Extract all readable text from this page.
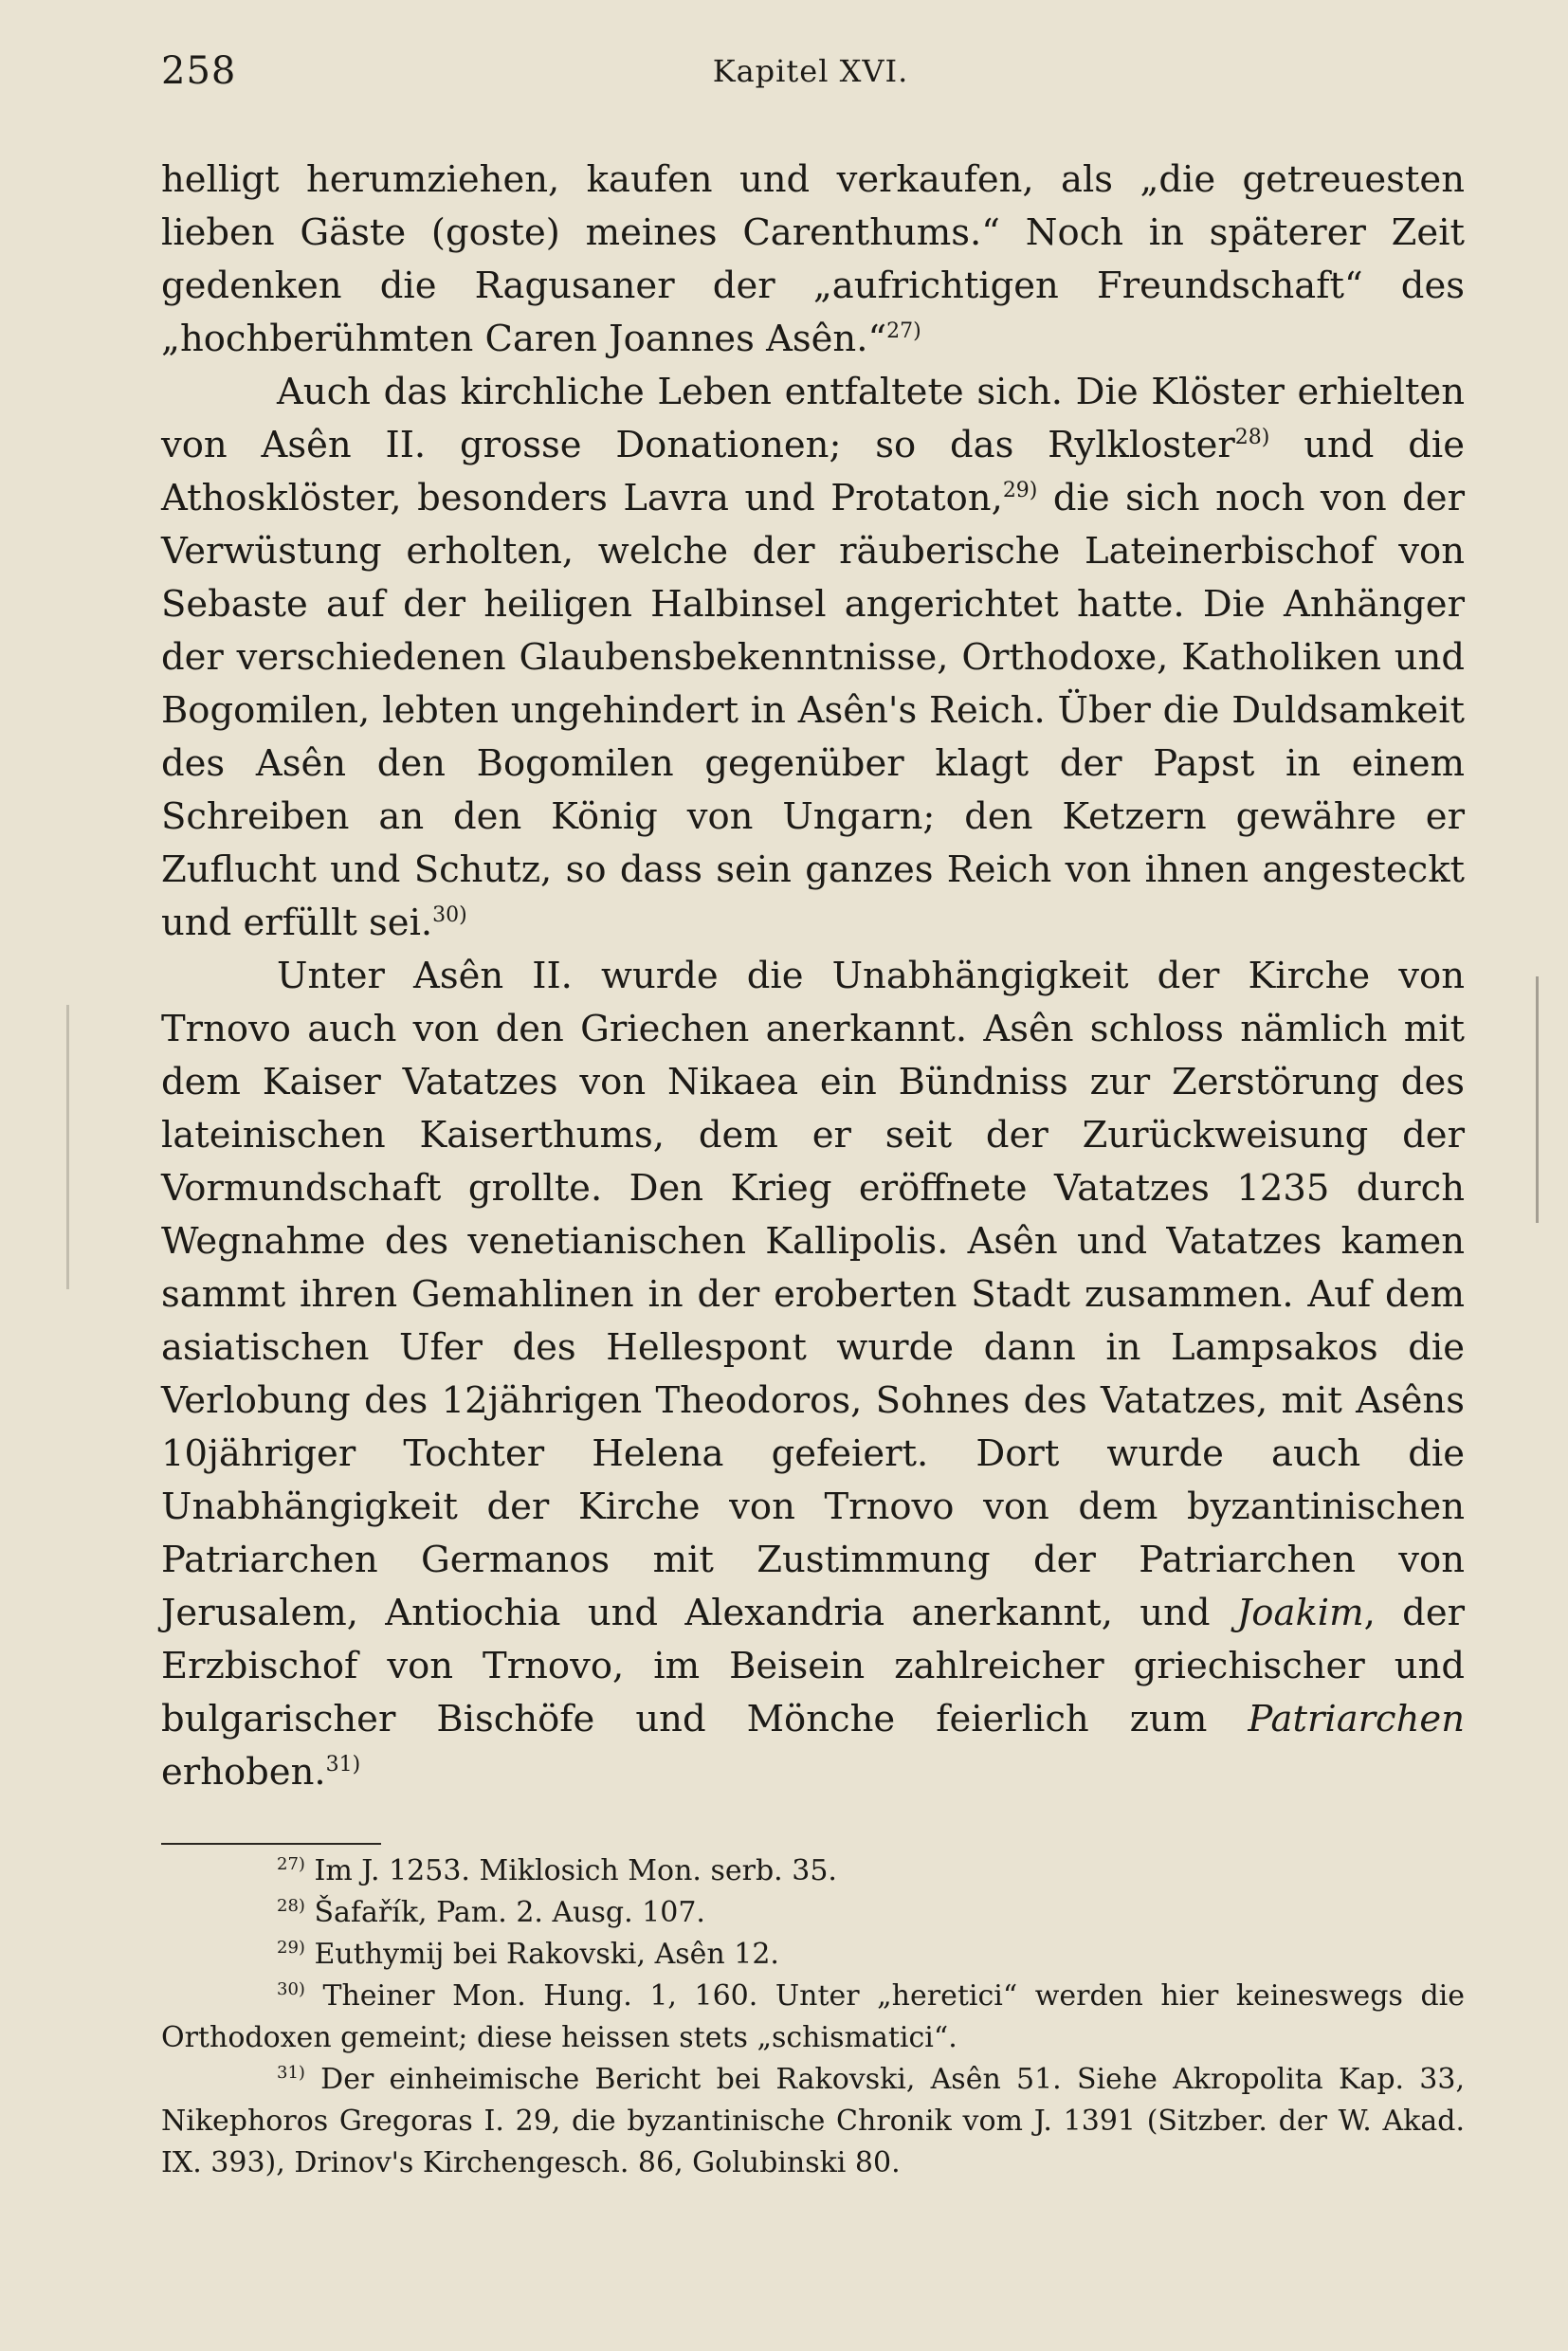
258	Kapitel XVI.

helligt herumziehen, kaufen und verkaufen, als „die getreuesten lieben Gäste (goste) meines Carenthums.“ Noch in späterer Zeit gedenken die Ragusaner der „aufrichtigen Freundschaft“ des „hochberühmten Caren Joannes Asên.“$^{27)}$

Auch das kirchliche Leben entfaltete sich. Die Klöster erhielten von Asên II. grosse Donationen; so das Rylkloster$^{28)}$ und die Athosklöster, besonders Lavra und Protaton,$^{29)}$ die sich noch von der Verwüstung erholten, welche der räuberische Lateinerbischof von Sebaste auf der heiligen Halbinsel angerichtet hatte. Die Anhänger der verschiedenen Glaubensbekenntnisse, Orthodoxe, Katholiken und Bogomilen, lebten ungehindert in Asên's Reich. Über die Duldsamkeit des Asên den Bogomilen gegenüber klagt der Papst in einem Schreiben an den König von Ungarn; den Ketzern gewähre er Zuflucht und Schutz, so dass sein ganzes Reich von ihnen angesteckt und erfüllt sei.$^{30)}$

Unter Asên II. wurde die Unabhängigkeit der Kirche von Trnovo auch von den Griechen anerkannt. Asên schloss nämlich mit dem Kaiser Vatatzes von Nikaea ein Bündniss zur Zerstörung des lateinischen Kaiserthums, dem er seit der Zurückweisung der Vormundschaft grollte. Den Krieg eröffnete Vatatzes 1235 durch Wegnahme des venetianischen Kallipolis. Asên und Vatatzes kamen sammt ihren Gemahlinen in der eroberten Stadt zusammen. Auf dem asiatischen Ufer des Hellespont wurde dann in Lampsakos die Verlobung des 12jährigen Theodoros, Sohnes des Vatatzes, mit Asêns 10jähriger Tochter Helena gefeiert. Dort wurde auch die Unabhängigkeit der Kirche von Trnovo von dem byzantinischen Patriarchen Germanos mit Zustimmung der Patriarchen von Jerusalem, Antiochia und Alexandria anerkannt, und Joakim, der Erzbischof von Trnovo, im Beisein zahlreicher griechischer und bulgarischer Bischöfe und Mönche feierlich zum Patriarchen erhoben.$^{31)}$

$^{27)}$ Im J. 1253. Miklosich Mon. serb. 35.

$^{28)}$ Šafařík, Pam. 2. Ausg. 107.

$^{29)}$ Euthymij bei Rakovski, Asên 12.

$^{30)}$ Theiner Mon. Hung. 1, 160. Unter „heretici“ werden hier keineswegs die Orthodoxen gemeint; diese heissen stets „schismatici“.

$^{31)}$ Der einheimische Bericht bei Rakovski, Asên 51. Siehe Akropolita Kap. 33, Nikephoros Gregoras I. 29, die byzantinische Chronik vom J. 1391 (Sitzber. der W. Akad. IX. 393), Drinov's Kirchengesch. 86, Golubinski 80.
